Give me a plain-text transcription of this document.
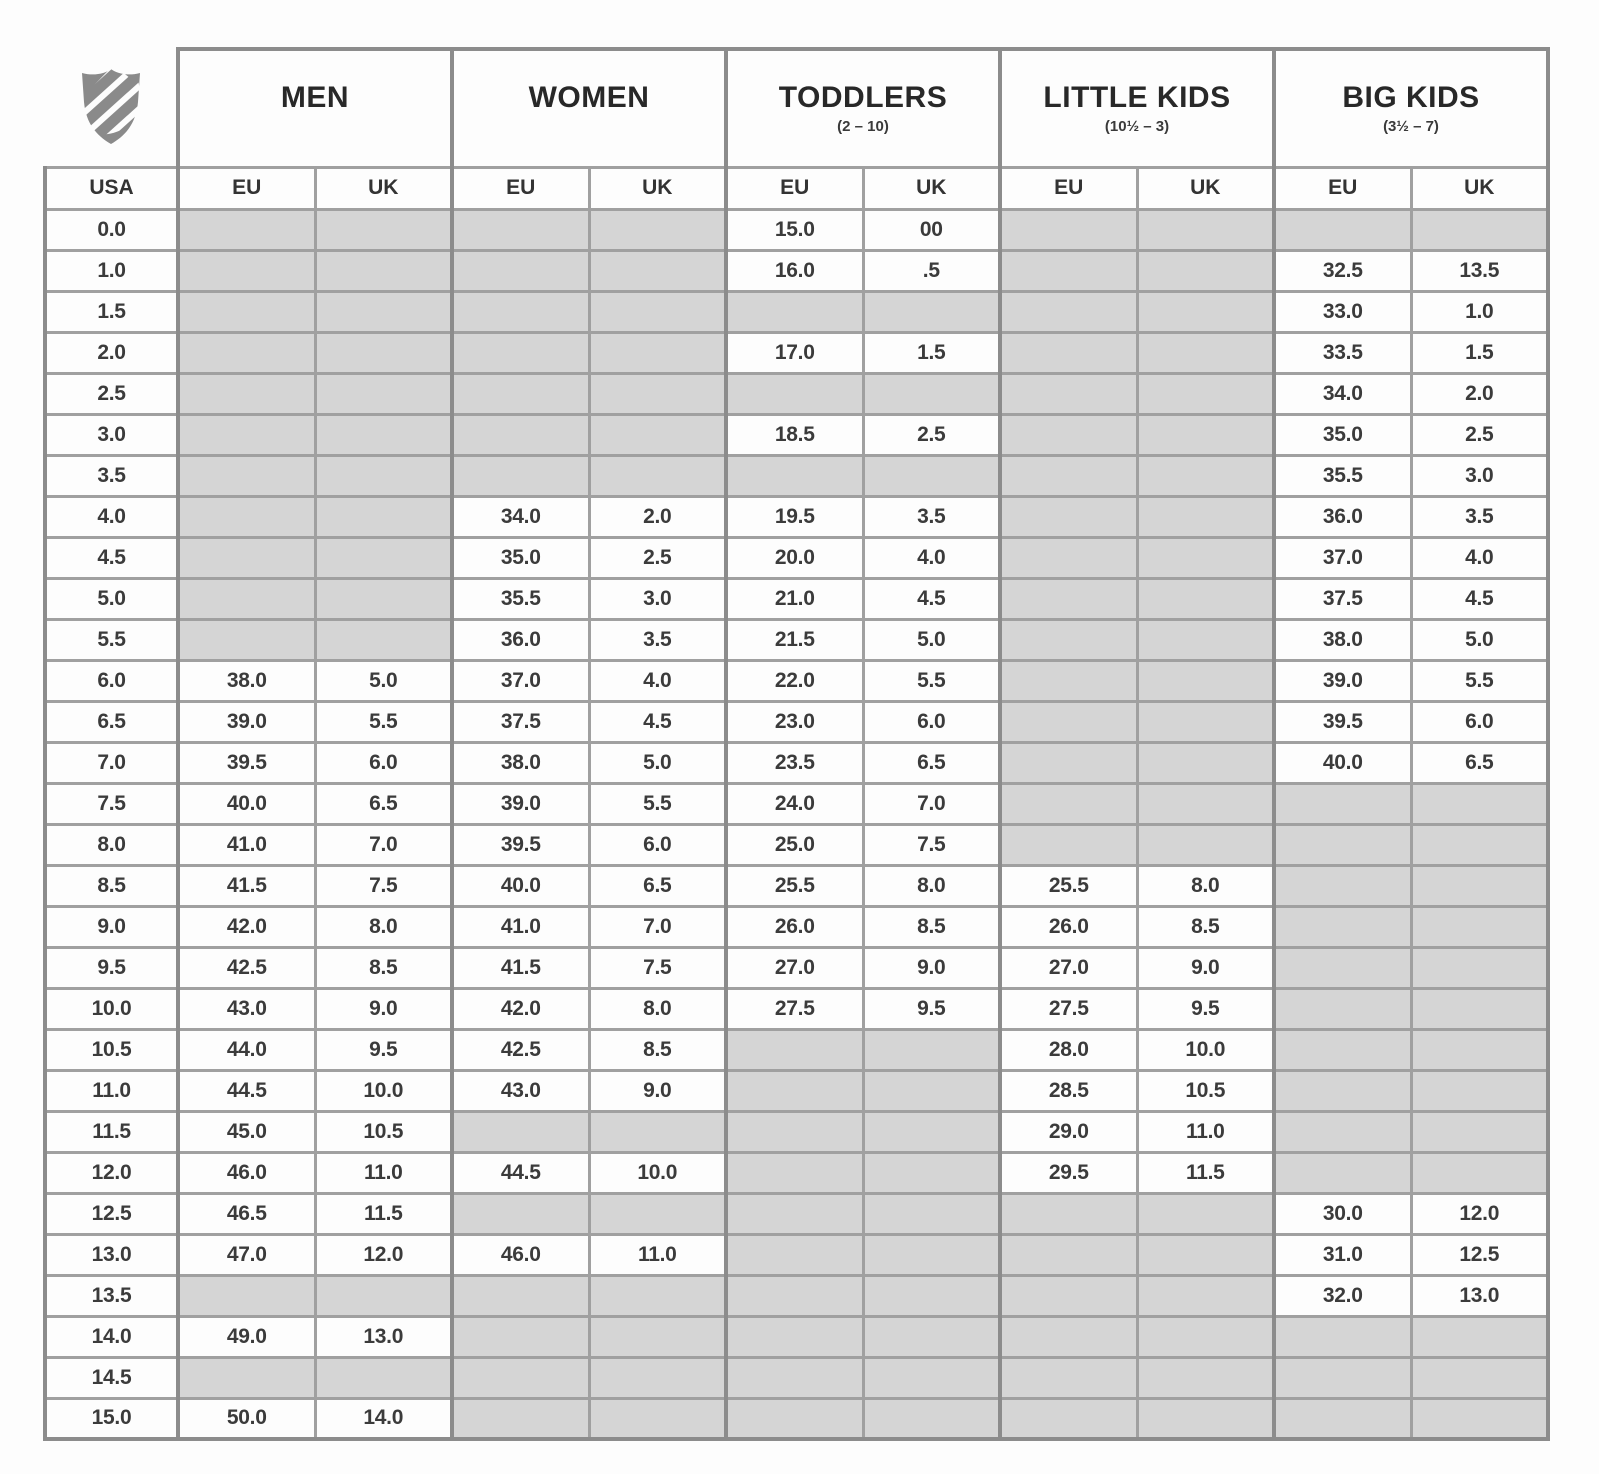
MEN	WOMEN	TODDLERS
(2 – 10)

LITTLE KIDS
(10½ – 3)

BIG KIDS
(3½ – 7)

USA	EU	UK	EU	UK	EU	UK	EU	UK	EU	UK
0.0					15.0	00				
1.0					16.0	.5			32.5	13.5
1.5									33.0	1.0
2.0					17.0	1.5			33.5	1.5
2.5									34.0	2.0
3.0					18.5	2.5			35.0	2.5
3.5									35.5	3.0
4.0			34.0	2.0	19.5	3.5			36.0	3.5
4.5			35.0	2.5	20.0	4.0			37.0	4.0
5.0			35.5	3.0	21.0	4.5			37.5	4.5
5.5			36.0	3.5	21.5	5.0			38.0	5.0
6.0	38.0	5.0	37.0	4.0	22.0	5.5			39.0	5.5
6.5	39.0	5.5	37.5	4.5	23.0	6.0			39.5	6.0
7.0	39.5	6.0	38.0	5.0	23.5	6.5			40.0	6.5
7.5	40.0	6.5	39.0	5.5	24.0	7.0				
8.0	41.0	7.0	39.5	6.0	25.0	7.5				
8.5	41.5	7.5	40.0	6.5	25.5	8.0	25.5	8.0		
9.0	42.0	8.0	41.0	7.0	26.0	8.5	26.0	8.5		
9.5	42.5	8.5	41.5	7.5	27.0	9.0	27.0	9.0		
10.0	43.0	9.0	42.0	8.0	27.5	9.5	27.5	9.5		
10.5	44.0	9.5	42.5	8.5			28.0	10.0		
11.0	44.5	10.0	43.0	9.0			28.5	10.5		
11.5	45.0	10.5					29.0	11.0		
12.0	46.0	11.0	44.5	10.0			29.5	11.5		
12.5	46.5	11.5							30.0	12.0
13.0	47.0	12.0	46.0	11.0					31.0	12.5
13.5									32.0	13.0
14.0	49.0	13.0								
14.5										
15.0	50.0	14.0								
